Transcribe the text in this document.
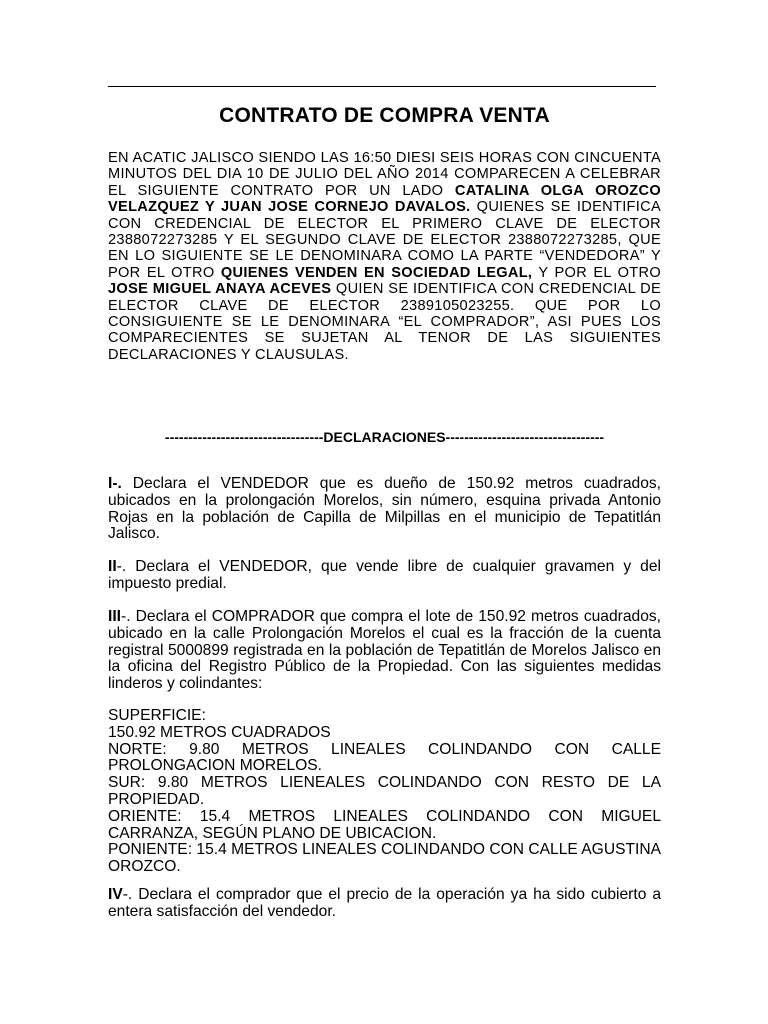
CONTRATO DE COMPRA VENTA

EN ACATIC JALISCO SIENDO LAS 16:50 DIESI SEIS HORAS CON CINCUENTA MINUTOS DEL DIA 10 DE JULIO DEL AÑO 2014 COMPARECEN A CELEBRAR EL SIGUIENTE CONTRATO POR UN LADO CATALINA OLGA OROZCO VELAZQUEZ Y JUAN JOSE CORNEJO DAVALOS. QUIENES SE IDENTIFICA CON CREDENCIAL DE ELECTOR EL PRIMERO CLAVE DE ELECTOR 2388072273285 Y EL SEGUNDO CLAVE DE ELECTOR 2388072273285, QUE EN LO SIGUIENTE SE LE DENOMINARA COMO LA PARTE “VENDEDORA” Y POR EL OTRO QUIENES VENDEN EN SOCIEDAD LEGAL, Y POR EL OTRO JOSE MIGUEL ANAYA ACEVES QUIEN SE IDENTIFICA CON CREDENCIAL DE ELECTOR CLAVE DE ELECTOR 2389105023255. QUE POR LO CONSIGUIENTE SE LE DENOMINARA “EL COMPRADOR”, ASI PUES LOS COMPARECIENTES SE SUJETAN AL TENOR DE LAS SIGUIENTES DECLARACIONES Y CLAUSULAS.

----------------------------------DECLARACIONES----------------------------------

I-. Declara el VENDEDOR que es dueño de 150.92 metros cuadrados, ubicados en la prolongación Morelos, sin número, esquina privada Antonio Rojas en la población de Capilla de Milpillas en el municipio de Tepatitlán Jalisco.

II-. Declara el VENDEDOR, que vende libre de cualquier gravamen y del impuesto predial.

III-. Declara el COMPRADOR que compra el lote de 150.92 metros cuadrados, ubicado en la calle Prolongación Morelos el cual es la fracción de la cuenta registral 5000899 registrada en la población de Tepatitlán de Morelos Jalisco en la oficina del Registro Público de la Propiedad. Con las siguientes medidas linderos y colindantes:

SUPERFICIE:

150.92 METROS CUADRADOS

NORTE: 9.80 METROS LINEALES COLINDANDO CON CALLE PROLONGACION MORELOS.

SUR: 9.80 METROS LIENEALES COLINDANDO CON RESTO DE LA PROPIEDAD.

ORIENTE: 15.4 METROS LINEALES COLINDANDO CON MIGUEL CARRANZA, SEGÚN PLANO DE UBICACION.

PONIENTE: 15.4 METROS LINEALES COLINDANDO CON CALLE AGUSTINA OROZCO.

IV-. Declara el comprador que el precio de la operación ya ha sido cubierto a entera satisfacción del vendedor.
